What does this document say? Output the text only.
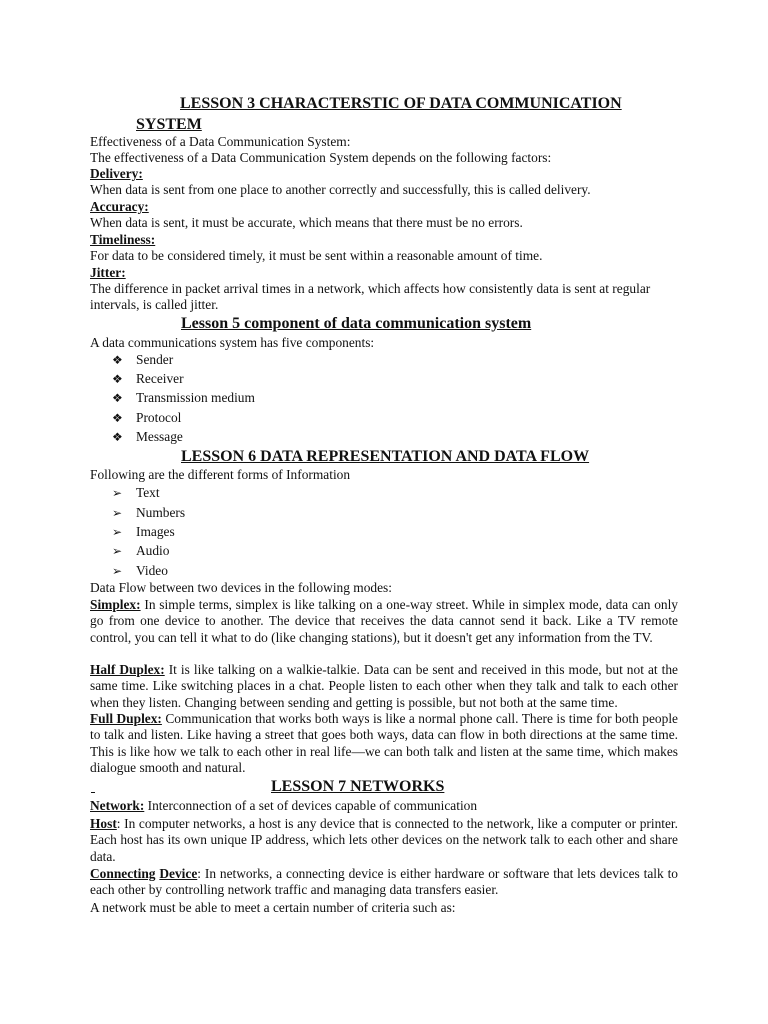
LESSON 3 CHARACTERSTIC OF DATA COMMUNICATION
SYSTEM
Effectiveness of a Data Communication System:
The effectiveness of a Data Communication System depends on the following factors:
Delivery:
When data is sent from one place to another correctly and successfully, this is called delivery.
Accuracy:
When data is sent, it must be accurate, which means that there must be no errors.
Timeliness:
For data to be considered timely, it must be sent within a reasonable amount of time.
Jitter:
The difference in packet arrival times in a network, which affects how consistently data is sent at regular
intervals, is called jitter.
Lesson 5 component of data communication system
A data communications system has five components:
❖ Sender
❖ Receiver
❖ Transmission medium
❖ Protocol
❖ Message
LESSON 6 DATA REPRESENTATION AND DATA FLOW
Following are the different forms of Information
➢ Text
➢ Numbers
➢ Images
➢ Audio
➢ Video
Data Flow between two devices in the following modes:
Simplex: In simple terms, simplex is like talking on a one-way street. While in simplex mode, data can only go from one device to another. The device that receives the data cannot send it back. Like a TV remote control, you can tell it what to do (like changing stations), but it doesn't get any information from the TV.
Half Duplex: It is like talking on a walkie-talkie. Data can be sent and received in this mode, but not at the same time. Like switching places in a chat. People listen to each other when they talk and talk to each other when they listen. Changing between sending and getting is possible, but not both at the same time.
Full Duplex: Communication that works both ways is like a normal phone call. There is time for both people to talk and listen. Like having a street that goes both ways, data can flow in both directions at the same time. This is like how we talk to each other in real life—we can both talk and listen at the same time, which makes dialogue smooth and natural.
LESSON 7 NETWORKS
Network: Interconnection of a set of devices capable of communication
Host: In computer networks, a host is any device that is connected to the network, like a computer or printer. Each host has its own unique IP address, which lets other devices on the network talk to each other and share data.
Connecting Device: In networks, a connecting device is either hardware or software that lets devices talk to each other by controlling network traffic and managing data transfers easier.
A network must be able to meet a certain number of criteria such as:
